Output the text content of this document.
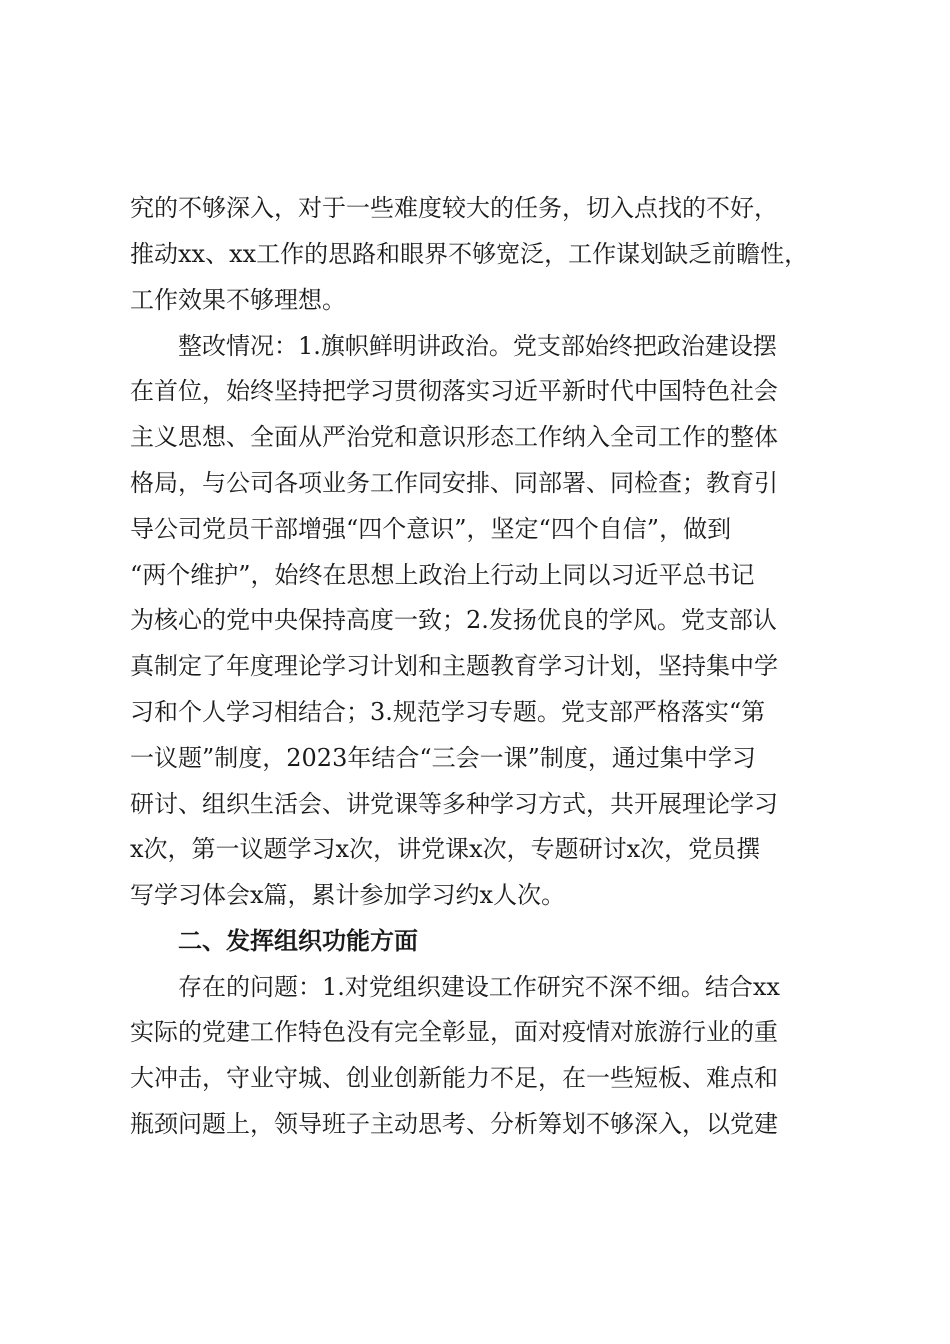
究的不够深入，对于一些难度较大的任务，切入点找的不好，
推动xx、xx工作的思路和眼界不够宽泛，工作谋划缺乏前瞻性，
工作效果不够理想。
整改情况：1.旗帜鲜明讲政治。党支部始终把政治建设摆
在首位，始终坚持把学习贯彻落实习近平新时代中国特色社会
主义思想、全面从严治党和意识形态工作纳入全司工作的整体
格局，与公司各项业务工作同安排、同部署、同检查；教育引
导公司党员干部增强“四个意识”，坚定“四个自信”，做到
“两个维护”，始终在思想上政治上行动上同以习近平总书记
为核心的党中央保持高度一致；2.发扬优良的学风。党支部认
真制定了年度理论学习计划和主题教育学习计划，坚持集中学
习和个人学习相结合；3.规范学习专题。党支部严格落实“第
一议题”制度，2023年结合“三会一课”制度，通过集中学习
研讨、组织生活会、讲党课等多种学习方式，共开展理论学习
x次，第一议题学习x次，讲党课x次，专题研讨x次，党员撰
写学习体会x篇，累计参加学习约x人次。
二、发挥组织功能方面
存在的问题：1.对党组织建设工作研究不深不细。结合xx
实际的党建工作特色没有完全彰显，面对疫情对旅游行业的重
大冲击，守业守城、创业创新能力不足，在一些短板、难点和
瓶颈问题上，领导班子主动思考、分析筹划不够深入，以党建
